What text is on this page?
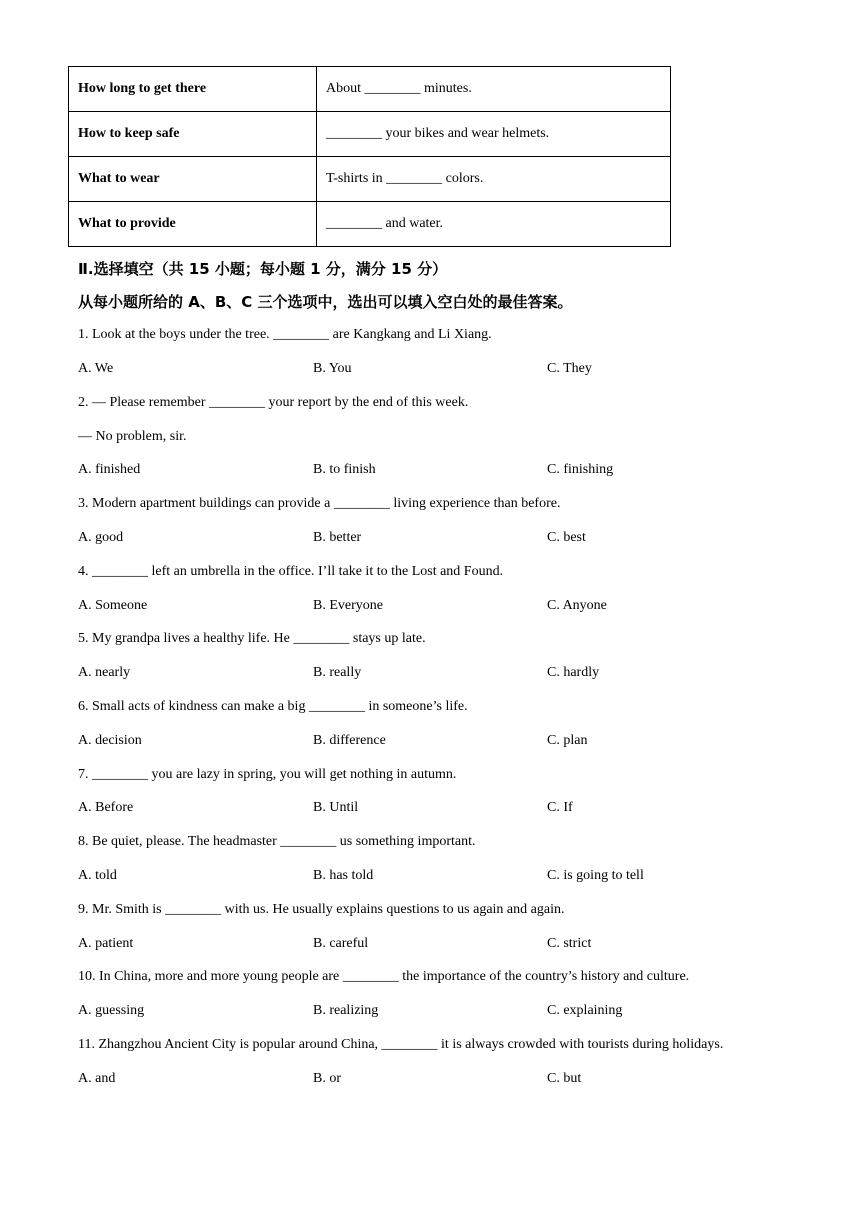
How long to get there	About ________ minutes.
How to keep safe	________ your bikes and wear helmets.
What to wear	T-shirts in ________ colors.
What to provide	________ and water.
Ⅱ.选择填空（共 15 小题；每小题 1 分，满分 15 分）
从每小题所给的 A、B、C 三个选项中，选出可以填入空白处的最佳答案。
1. Look at the boys under the tree. ________ are Kangkang and Li Xiang.
A. We	B. You	C. They
2. — Please remember ________ your report by the end of this week.
— No problem, sir.
A. finished	B. to finish	C. finishing
3. Modern apartment buildings can provide a ________ living experience than before.
A. good	B. better	C. best
4. ________ left an umbrella in the office. I’ll take it to the Lost and Found.
A. Someone	B. Everyone	C. Anyone
5. My grandpa lives a healthy life. He ________ stays up late.
A. nearly	B. really	C. hardly
6. Small acts of kindness can make a big ________ in someone’s life.
A. decision	B. difference	C. plan
7. ________ you are lazy in spring, you will get nothing in autumn.
A. Before	B. Until	C. If
8. Be quiet, please. The headmaster ________ us something important.
A. told	B. has told	C. is going to tell
9. Mr. Smith is ________ with us. He usually explains questions to us again and again.
A. patient	B. careful	C. strict
10. In China, more and more young people are ________ the importance of the country’s history and culture.
A. guessing	B. realizing	C. explaining
11. Zhangzhou Ancient City is popular around China, ________ it is always crowded with tourists during holidays.
A. and	B. or	C. but
